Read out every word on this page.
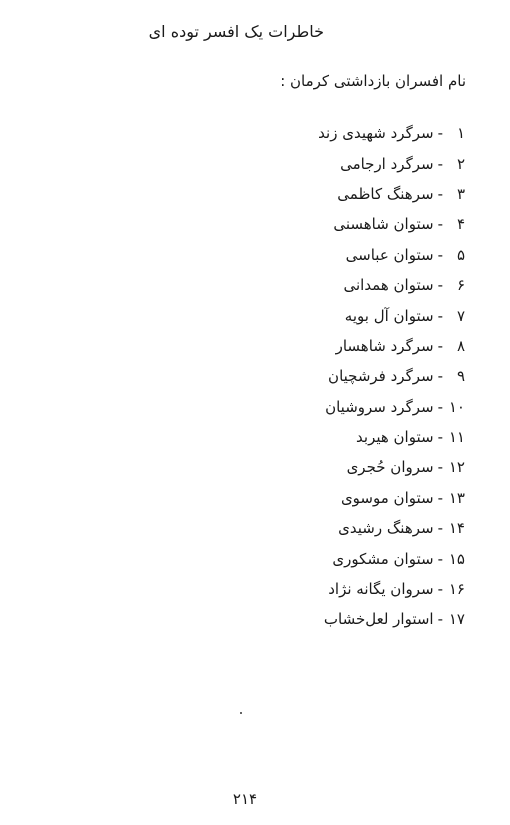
خاطرات یک افسر توده ای
نام افسران بازداشتی کرمان :
۱
-
سرگرد شهیدی زند
۲
-
سرگرد ارجامی
۳
-
سرهنگ کاظمی
۴
-
ستوان شاهسنی
۵
-
ستوان عباسی
۶
-
ستوان همدانی
۷
-
ستوان آل بویه
۸
-
سرگرد شاهسار
۹
-
سرگرد فرشچیان
۱۰
-
سرگرد سروشیان
۱۱
-
ستوان هیربد
۱۲
-
سروان حُجری
۱۳
-
ستوان موسوی
۱۴
-
سرهنگ رشیدی
۱۵
-
ستوان مشکوری
۱۶
-
سروان یگانه نژاد
۱۷
-
استوار لعل‌خشاب
۲۱۴
